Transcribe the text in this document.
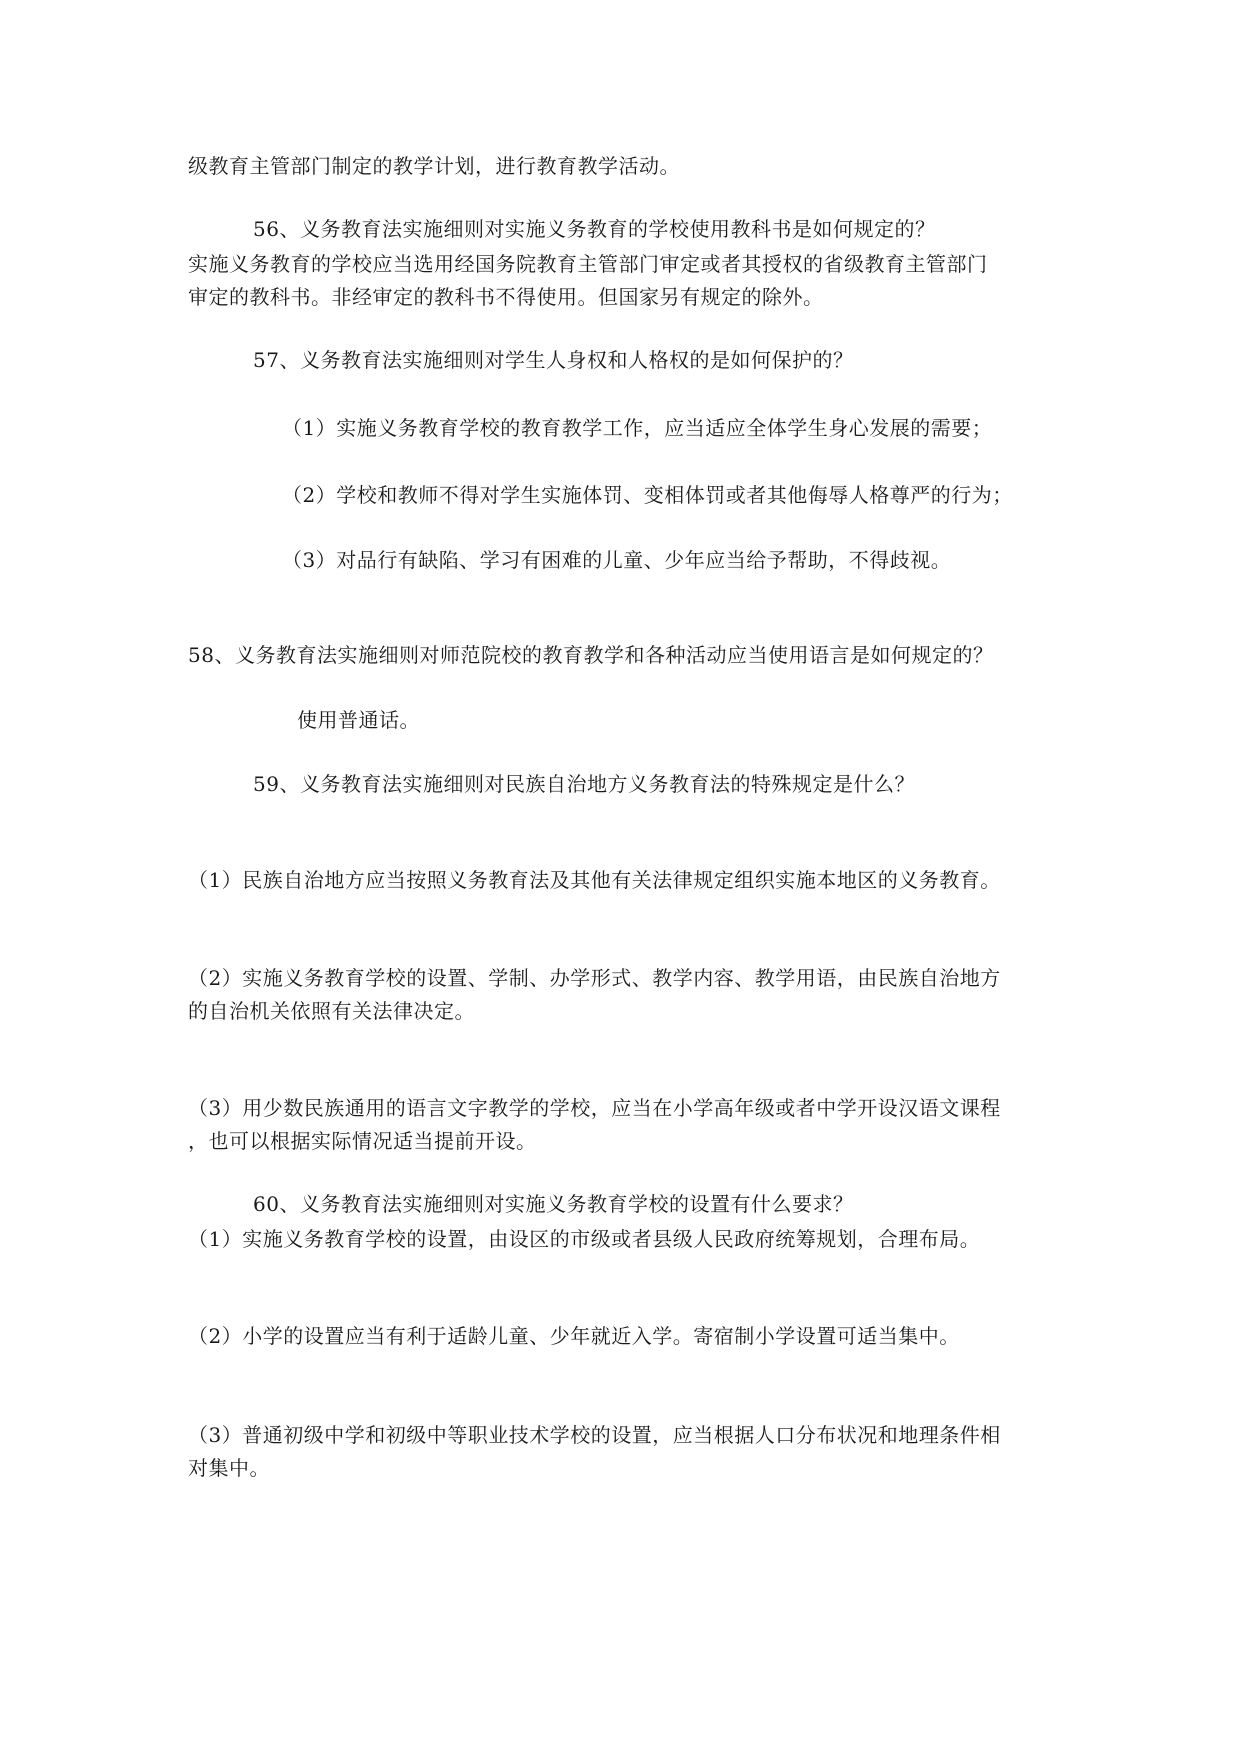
级教育主管部门制定的教学计划，进行教育教学活动。
56、义务教育法实施细则对实施义务教育的学校使用教科书是如何规定的？
实施义务教育的学校应当选用经国务院教育主管部门审定或者其授权的省级教育主管部门
审定的教科书。非经审定的教科书不得使用。但国家另有规定的除外。
57、义务教育法实施细则对学生人身权和人格权的是如何保护的？
（1）实施义务教育学校的教育教学工作，应当适应全体学生身心发展的需要；
（2）学校和教师不得对学生实施体罚、变相体罚或者其他侮辱人格尊严的行为；
（3）对品行有缺陷、学习有困难的儿童、少年应当给予帮助，不得歧视。
58、义务教育法实施细则对师范院校的教育教学和各种活动应当使用语言是如何规定的？
使用普通话。
59、义务教育法实施细则对民族自治地方义务教育法的特殊规定是什么？
（1）民族自治地方应当按照义务教育法及其他有关法律规定组织实施本地区的义务教育。
（2）实施义务教育学校的设置、学制、办学形式、教学内容、教学用语，由民族自治地方
的自治机关依照有关法律决定。
（3）用少数民族通用的语言文字教学的学校，应当在小学高年级或者中学开设汉语文课程
，也可以根据实际情况适当提前开设。
60、义务教育法实施细则对实施义务教育学校的设置有什么要求？
（1）实施义务教育学校的设置，由设区的市级或者县级人民政府统筹规划，合理布局。
（2）小学的设置应当有利于适龄儿童、少年就近入学。寄宿制小学设置可适当集中。
（3）普通初级中学和初级中等职业技术学校的设置，应当根据人口分布状况和地理条件相
对集中。
